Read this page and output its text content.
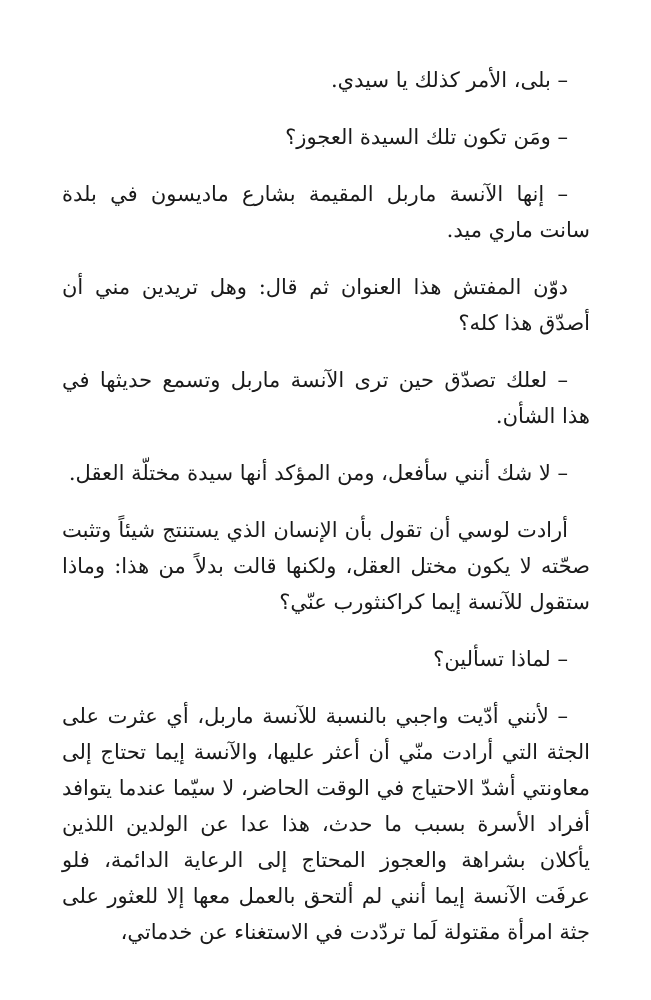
– بلى، الأمر كذلك يا سيدي.

– ومَن تكون تلك السيدة العجوز؟

– إنها الآنسة ماربل المقيمة بشارع ماديسون في بلدة سانت ماري ميد.

دوّن المفتش هذا العنوان ثم قال: وهل تريدين مني أن أصدّق هذا كله؟

– لعلك تصدّق حين ترى الآنسة ماربل وتسمع حديثها في هذا الشأن.

– لا شك أنني سأفعل، ومن المؤكد أنها سيدة مختلّة العقل.

أرادت لوسي أن تقول بأن الإنسان الذي يستنتج شيئاً وتثبت صحّته لا يكون مختل العقل، ولكنها قالت بدلاً من هذا: وماذا ستقول للآنسة إيما كراكنثورب عنّي؟

– لماذا تسألين؟

– لأنني أدّيت واجبي بالنسبة للآنسة ماربل، أي عثرت على الجثة التي أرادت منّي أن أعثر عليها، والآنسة إيما تحتاج إلى معاونتي أشدّ الاحتياج في الوقت الحاضر، لا سيّما عندما يتوافد أفراد الأسرة بسبب ما حدث، هذا عدا عن الولدين اللذين يأكلان بشراهة والعجوز المحتاج إلى الرعاية الدائمة، فلو عرفَت الآنسة إيما أنني لم ألتحق بالعمل معها إلا للعثور على جثة امرأة مقتولة لَما تردّدت في الاستغناء عن خدماتي،
